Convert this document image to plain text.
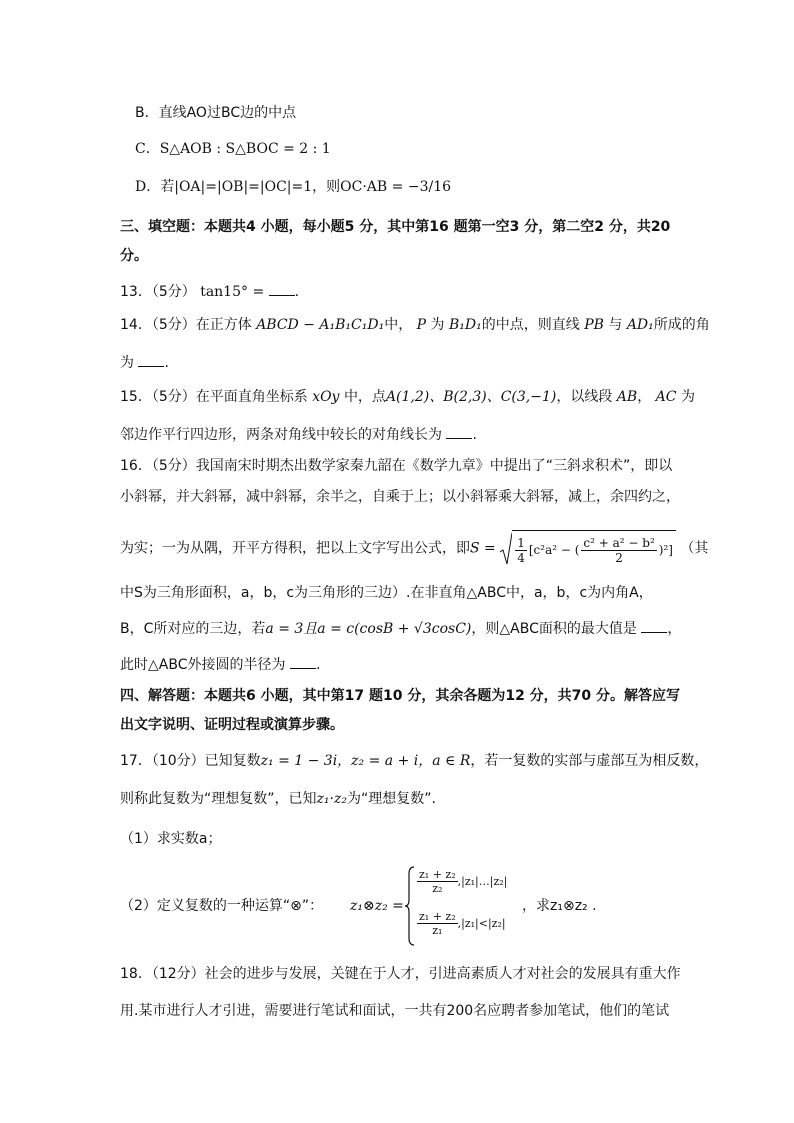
B．直线AO过BC边的中点
C．S△AOB : S△BOC = 2 : 1
D．若|OA|=|OB|=|OC|=1，则OC·AB = −3/16
三、填空题：本题共4 小题，每小题5 分，其中第16 题第一空3 分，第二空2 分，共20
分。
13．（5分） tan15° = .
14．（5分）在正方体 ABCD − A₁B₁C₁D₁中， P 为 B₁D₁的中点，则直线 PB 与 AD₁所成的角
为 .
15．（5分）在平面直角坐标系 xOy 中，点A(1,2)、B(2,3)、C(3,−1)，以线段 AB， AC 为
邻边作平行四边形，两条对角线中较长的对角线长为 .
16．（5分）我国南宋时期杰出数学家秦九韶在《数学九章》中提出了“三斜求积术”，即以
小斜幂，并大斜幂，减中斜幂，余半之，自乘于上；以小斜幂乘大斜幂，减上，余四约之，
为实；一为从隅，开平方得积，把以上文字写出公式，即$S = \frac{1}{4} [c^2a^2$ − ( $\frac{\text{c² + a² − b²}}{2} )^2$] （其
中S为三角形面积，a，b，c为三角形的三边）.在非直角△ABC中，a，b，c为内角A，
B，C所对应的三边，若a = 3且a = c(cosB + √3cosC)，则△ABC面积的最大值是 ，
此时△ABC外接圆的半径为 .
四、解答题：本题共6 小题，其中第17 题10 分，其余各题为12 分，共70 分。解答应写
出文字说明、证明过程或演算步骤。
17．（10分）已知复数z₁ = 1 − 3i，z₂ = a + i，a ∈ R，若一复数的实部与虚部互为相反数，
则称此复数为“理想复数”，已知z₁·z₂为“理想复数”.
（1）求实数a；
（2）定义复数的一种运算“⊗”： z₁⊗z₂ =
$\frac{\text{z₁ + z₂}}{\text{z₂}}$ ,|z₁|…|z₂|
$\frac{\text{z₁ + z₂}}{\text{z₁}} ,|z_1|<|z_2|$
，求z₁⊗z₂ .
18．（12分）社会的进步与发展，关键在于人才，引进高素质人才对社会的发展具有重大作
用.某市进行人才引进，需要进行笔试和面试，一共有200名应聘者参加笔试，他们的笔试
